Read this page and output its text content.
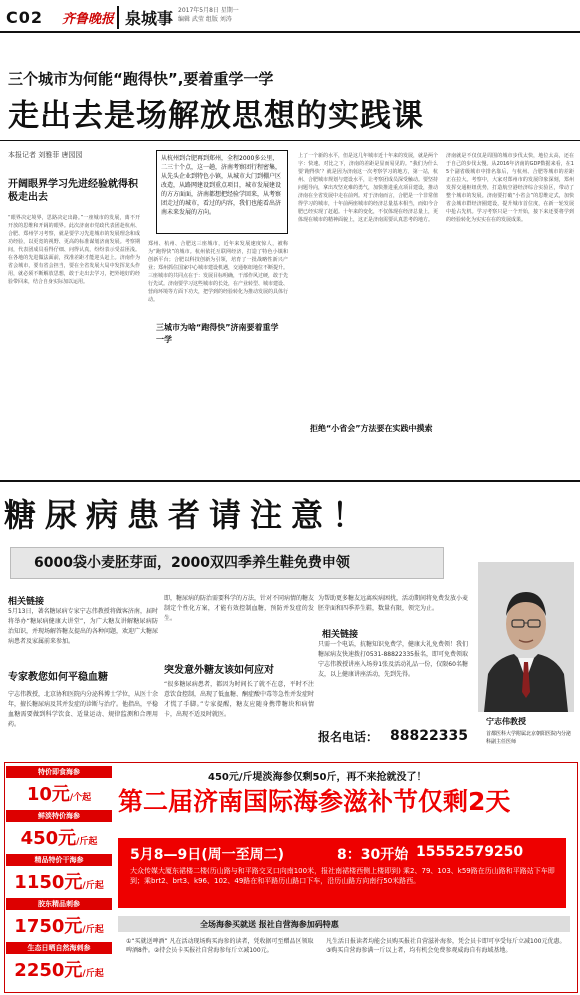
C02 齐鲁晚报 泉城事 2017年5月8日 星期一
编辑 武莹 组版 刘涛
三个城市为何能“跑得快”,要着重学一学
走出去是场解放思想的实践课
本报记者 刘雅菲 唐园园
开阔眼界学习先进经验就得积极走出去
“眼界决定境界，思路决定出路。”一座城市的发展，离不开开放的思维和开阔的眼界。此次济南市党政代表团赴杭州、合肥、郑州学习考察，就是要学习先进城市的发展理念和成功经验，以更宽的视野、更高的标准谋划济南发展。考察期间，代表团成员看得仔细、问得认真，纷纷表示受益匪浅。在各地的先进做法面前，找准差距才能迎头赶上。济南作为省会城市，要有省会担当，要在全省发展大局中发挥龙头作用，就必须不断解放思想，敢于走出去学习，把外地好的经验带回来，结合自身实际加以运用。
从杭州到合肥再到郑州，全程2000多公里，二三十个点，这一趟，济南考察团行程密集，从先头企业到特色小镇，从城市大门到棚户区改造，从路网建设到重点项目，城市发展建设的方方面面，济南都想把经验学回来，从考察团走过的城市，看过的内容，我们也能看出济南未来发展的方向。
郑州、杭州、合肥这三座城市，近年来发展速度惊人，被称为“跑得快”的城市。杭州依托互联网经济，打造了特色小镇和创新平台；合肥以科技创新为引领，培育了一批战略性新兴产业；郑州抓住国家中心城市建设机遇，交通枢纽地位不断提升。三座城市的共同点在于：发展目标明确，干部作风过硬，敢于先行先试。济南要学习这些城市的长处，在产业转型、城市建设、营商环境等方面下功夫，把学到的经验转化为推动发展的具体行动。
三城市为啥“跑得快”济南要着重学一学
上了一个新的水平，但是这几年城市近十年来的发展，就是两个字：快速。对比之下，济南的差距是显而易见的。“我们为什么要‘跑得快’？就是因为济南这一次考察学习的地方，第一站，杭州、合肥城市规划与建设水平，让考察团成员深受触动。要坚持问题导向，拿出攻坚克难的勇气，加快推进重点项目建设，推动济南在全省发展中走在前列。对于济南而言，合肥是一个非常值得学习的城市，十年前两座城市的经济总量基本相当，而如今合肥已经实现了赶超。十年来的变化，不仅体现在经济总量上，更体现在城市的精神面貌上，这正是济南需要认真思考的地方。
拒绝“小省会”方法要在实践中摸索
济南就是不仅仅是周围的城市步伐太快，地位太高，还在于自己的步伐太慢。从2016年济南的GDP数据来看，在15个副省级城市中排名靠后，与杭州、合肥等城市的差距正在拉大。考察中，大家对郑州市的发展印象深刻，郑州发挥交通枢纽优势，打造航空港经济综合实验区，带动了整个城市的发展。济南要打破“小省会”的思维定式，加快省会城市群经济圈建设，提升城市首位度，在新一轮发展中抢占先机。学习考察只是一个开始，接下来还要将学到的经验转化为实实在在的发展成果。
糖尿病患者请注意！
6000袋小麦胚芽面，2000双四季养生鞋免费申领
相关链接
5月13日，著名糖尿病专家宁志伟教授将做客济南，届时将举办“糖尿病健康大讲堂”，为广大糖友讲解糖尿病防治知识，并现场解答糖友提出的各种问题，欢迎广大糖尿病患者及家属前来参加。
专家教您如何平稳血糖
宁志伟教授，北京协和医院内分泌科博士学位，从医十余年，擅长糖尿病及其并发症的诊断与治疗。他指出，平稳血糖需要做到科学饮食、适量运动、规律监测和合理用药。
即，糖尿病的防治需要科学的方法，针对不同病情的糖友制定个性化方案，才能有效控制血糖，预防并发症的发生。
突发意外糖友该如何应对
“很多糖尿病患者，都因为时间长了就不在意，平时不注意饮食控制，出现了低血糖、酮症酸中毒等急性并发症时才慌了手脚。”专家提醒，糖友应随身携带糖块和病情卡，出现不适及时就医。
为帮助更多糖友远离疾病困扰，活动期间将免费发放小麦胚芽面和四季养生鞋，数量有限，领完为止。
相关链接
只需一个电话，抗糖知识免费学，健康大礼免费领！我们糖尿病友快速拨打0531-88822335报名，即可免费领取宁志伟教授讲座入场券1张及活动礼品一份，仅限60名糖友，以上健康讲座活动，先到先得。
报名电话： 88822335
宁志伟教授
首都医科大学附属北京朝阳医院内分泌科副主任医师
特价即食海参
10元/个起
鲜淡特价海参
450元/斤起
精品特价干海参
1150元/斤起
胶东精品刺参
1750元/斤起
生态日晒自然海刺参
2250元/斤起
450元/斤堤淡海参仅剩50斤，再不来抢就没了！
第二届济南国际海参滋补节仅剩2天
5月8—9日(周一至周二)	8：30开始 15552579250
大众传媒大厦东裙楼二楼(历山路与和平路交叉口向南100米，报社南裙楼西侧上楼即到) 乘2、79、103、k59路在历山路和平路站下车即到；乘brt2、brt3、k96、102、49路在和平路历山路口下车，沿历山路方向南行50米路西。
全场海参买就送 报社自营海参加码特惠
①“买就送啤酒” 凡在活动现场购买海参的读者，凭收据可至赠品区领取啤酒8件。②持会员卡买报社自营海参每斤立减100元。
凡生活日报读者均能会员购买报社自营滋补海参，凭会员卡即可享受每斤立减100元优惠。③购买自营海参满一斤以上者，均有机会免费参观威海自有海域基地。
